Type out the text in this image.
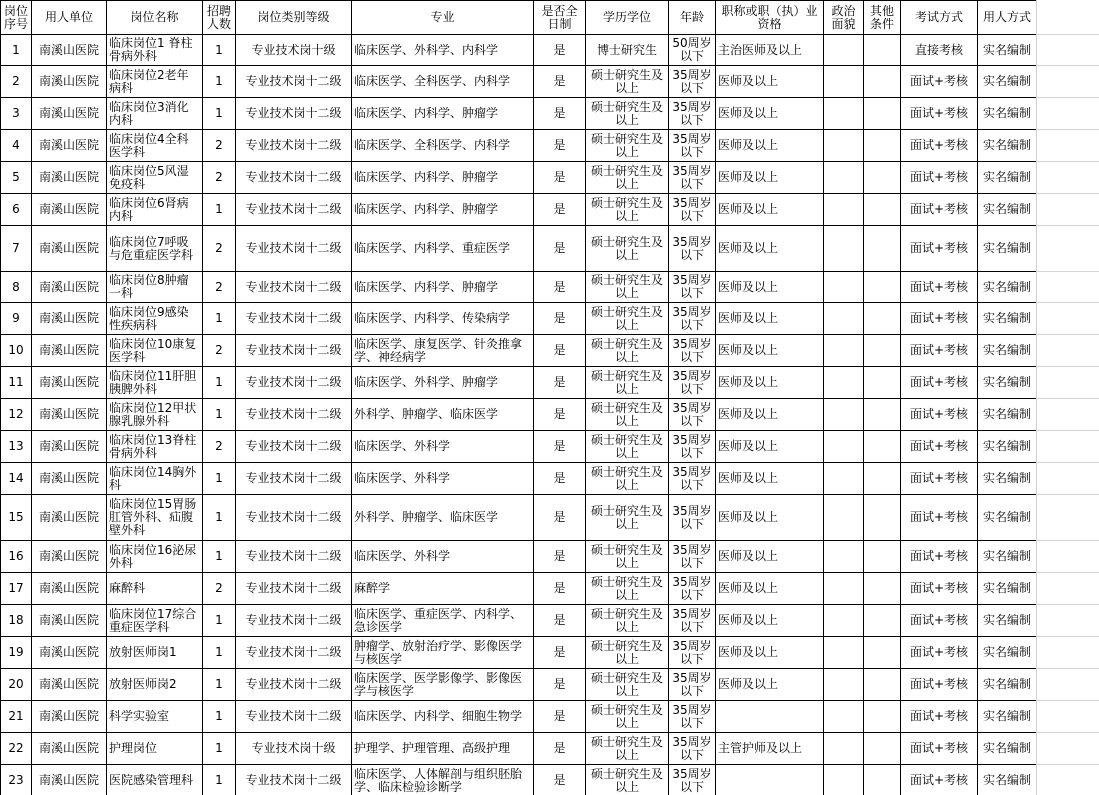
岗位序号	用人单位	岗位名称	招聘人数	岗位类别等级	专业	是否全日制	学历学位	年龄	职称或职（执）业资格	政治面貌	其他条件	考试方式	用人方式
1	南溪山医院	临床岗位1 脊柱骨病外科	1	专业技术岗十级	临床医学、外科学、内科学	是	博士研究生	50周岁以下	主治医师及以上			直接考核	实名编制
2	南溪山医院	临床岗位2老年病科	1	专业技术岗十二级	临床医学、全科医学、内科学	是	硕士研究生及以上	35周岁以下	医师及以上			面试+考核	实名编制
3	南溪山医院	临床岗位3消化内科	1	专业技术岗十二级	临床医学、内科学、肿瘤学	是	硕士研究生及以上	35周岁以下	医师及以上			面试+考核	实名编制
4	南溪山医院	临床岗位4全科医学科	2	专业技术岗十二级	临床医学、全科医学、内科学	是	硕士研究生及以上	35周岁以下	医师及以上			面试+考核	实名编制
5	南溪山医院	临床岗位5风湿免疫科	2	专业技术岗十二级	临床医学、内科学、肿瘤学	是	硕士研究生及以上	35周岁以下	医师及以上			面试+考核	实名编制
6	南溪山医院	临床岗位6肾病内科	1	专业技术岗十二级	临床医学、内科学、肿瘤学	是	硕士研究生及以上	35周岁以下	医师及以上			面试+考核	实名编制
7	南溪山医院	临床岗位7呼吸与危重症医学科	2	专业技术岗十二级	临床医学、内科学、重症医学	是	硕士研究生及以上	35周岁以下	医师及以上			面试+考核	实名编制
8	南溪山医院	临床岗位8肿瘤一科	2	专业技术岗十二级	临床医学、内科学、肿瘤学	是	硕士研究生及以上	35周岁以下	医师及以上			面试+考核	实名编制
9	南溪山医院	临床岗位9感染性疾病科	1	专业技术岗十二级	临床医学、内科学、传染病学	是	硕士研究生及以上	35周岁以下	医师及以上			面试+考核	实名编制
10	南溪山医院	临床岗位10康复医学科	2	专业技术岗十二级	临床医学、康复医学、针灸推拿学、神经病学	是	硕士研究生及以上	35周岁以下	医师及以上			面试+考核	实名编制
11	南溪山医院	临床岗位11肝胆胰脾外科	1	专业技术岗十二级	临床医学、外科学、肿瘤学	是	硕士研究生及以上	35周岁以下	医师及以上			面试+考核	实名编制
12	南溪山医院	临床岗位12甲状腺乳腺外科	1	专业技术岗十二级	外科学、肿瘤学、临床医学	是	硕士研究生及以上	35周岁以下	医师及以上			面试+考核	实名编制
13	南溪山医院	临床岗位13脊柱骨病外科	2	专业技术岗十二级	临床医学、外科学	是	硕士研究生及以上	35周岁以下	医师及以上			面试+考核	实名编制
14	南溪山医院	临床岗位14胸外科	1	专业技术岗十二级	临床医学、外科学	是	硕士研究生及以上	35周岁以下	医师及以上			面试+考核	实名编制
15	南溪山医院	临床岗位15胃肠肛管外科、疝腹壁外科	1	专业技术岗十二级	外科学、肿瘤学、临床医学	是	硕士研究生及以上	35周岁以下	医师及以上			面试+考核	实名编制
16	南溪山医院	临床岗位16泌尿外科	1	专业技术岗十二级	临床医学、外科学	是	硕士研究生及以上	35周岁以下	医师及以上			面试+考核	实名编制
17	南溪山医院	麻醉科	2	专业技术岗十二级	麻醉学	是	硕士研究生及以上	35周岁以下	医师及以上			面试+考核	实名编制
18	南溪山医院	临床岗位17综合重症医学科	1	专业技术岗十二级	临床医学、重症医学、内科学、急诊医学	是	硕士研究生及以上	35周岁以下	医师及以上			面试+考核	实名编制
19	南溪山医院	放射医师岗1	1	专业技术岗十二级	肿瘤学、放射治疗学、影像医学与核医学	是	硕士研究生及以上	35周岁以下	医师及以上			面试+考核	实名编制
20	南溪山医院	放射医师岗2	1	专业技术岗十二级	临床医学、医学影像学、影像医学与核医学	是	硕士研究生及以上	35周岁以下	医师及以上			面试+考核	实名编制
21	南溪山医院	科学实验室	1	专业技术岗十二级	临床医学、内科学、细胞生物学	是	硕士研究生及以上	35周岁以下				面试+考核	实名编制
22	南溪山医院	护理岗位	1	专业技术岗十级	护理学、护理管理、高级护理	是	硕士研究生及以上	35周岁以下	主管护师及以上			面试+考核	实名编制
23	南溪山医院	医院感染管理科	1	专业技术岗十二级	临床医学、人体解剖与组织胚胎学、临床检验诊断学	是	硕士研究生及以上	35周岁以下				面试+考核	实名编制
